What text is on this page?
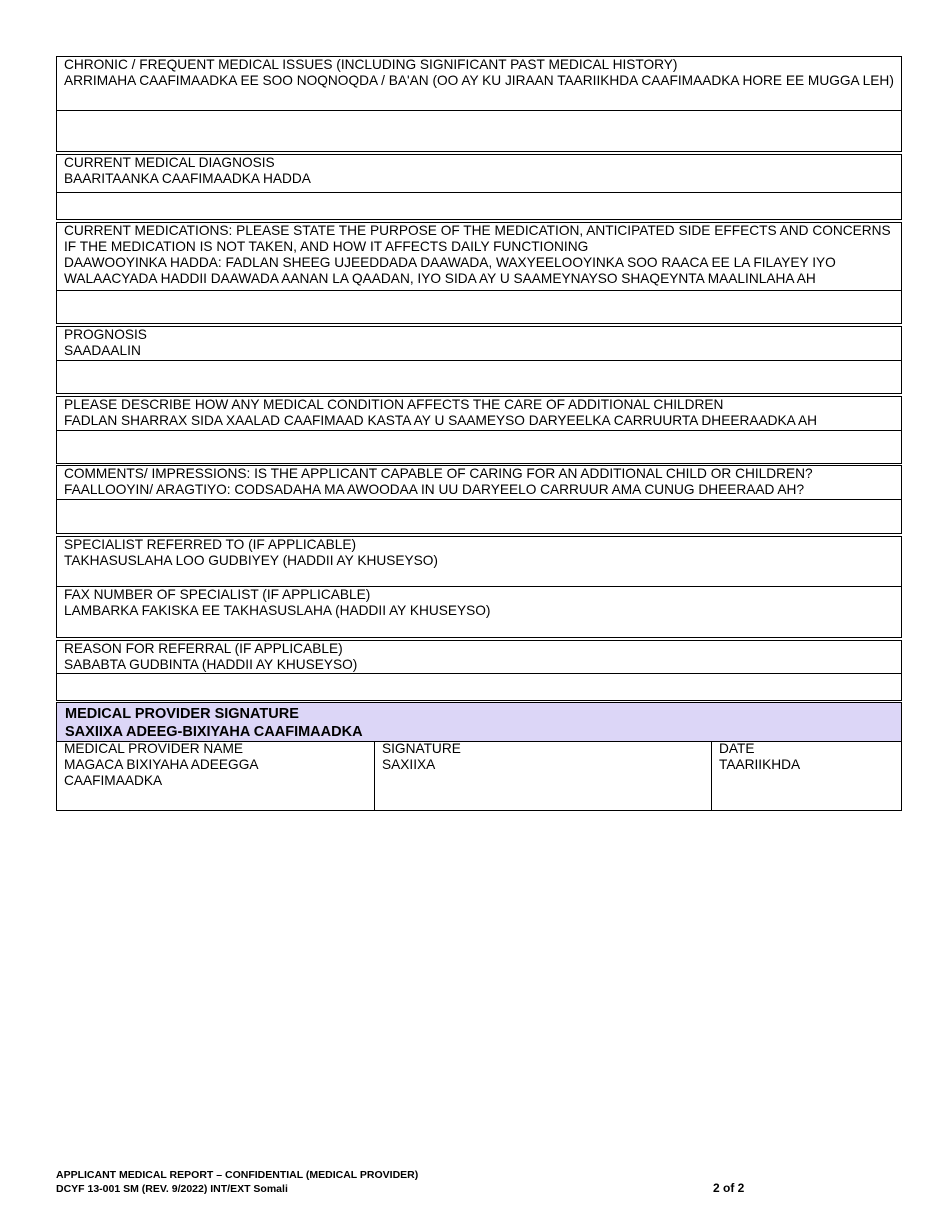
CHRONIC / FREQUENT MEDICAL ISSUES (INCLUDING SIGNIFICANT PAST MEDICAL HISTORY)
ARRIMAHA CAAFIMAADKA EE SOO NOQNOQDA / BA'AN (OO AY KU JIRAAN TAARIIKHDA CAAFIMAADKA HORE EE MUGGA LEH)
CURRENT MEDICAL DIAGNOSIS
BAARITAANKA CAAFIMAADKA HADDA
CURRENT MEDICATIONS: PLEASE STATE THE PURPOSE OF THE MEDICATION, ANTICIPATED SIDE EFFECTS AND CONCERNS IF THE MEDICATION IS NOT TAKEN, AND HOW IT AFFECTS DAILY FUNCTIONING
DAAWOOYINKA HADDA: FADLAN SHEEG UJEEDDADA DAAWADA, WAXYEELOOYINKA SOO RAACA EE LA FILAYEY IYO WALAACYADA HADDII DAAWADA AANAN LA QAADAN, IYO SIDA AY U SAAMEYNAYSO SHAQEYNTA MAALINLAHA AH
PROGNOSIS
SAADAALIN
PLEASE DESCRIBE HOW ANY MEDICAL CONDITION AFFECTS THE CARE OF ADDITIONAL CHILDREN
FADLAN SHARRAX SIDA XAALAD CAAFIMAAD KASTA AY U SAAMEYSO DARYEELKA CARRUURTA DHEERAADKA AH
COMMENTS/ IMPRESSIONS: IS THE APPLICANT CAPABLE OF CARING FOR AN ADDITIONAL CHILD OR CHILDREN?
FAALLOOYIN/ ARAGTIYO: CODSADAHA MA AWOODAA IN UU DARYEELO CARRUUR AMA CUNUG DHEERAAD AH?
SPECIALIST REFERRED TO (IF APPLICABLE)
TAKHASUSLAHA LOO GUDBIYEY (HADDII AY KHUSEYSO)
FAX NUMBER OF SPECIALIST (IF APPLICABLE)
LAMBARKA FAKISKA EE TAKHASUSLAHA (HADDII AY KHUSEYSO)
REASON FOR REFERRAL (IF APPLICABLE)
SABABTA GUDBINTA (HADDII AY KHUSEYSO)
MEDICAL PROVIDER SIGNATURE
SAXIIXA ADEEG-BIXIYAHA CAAFIMAADKA
MEDICAL PROVIDER NAME
MAGACA BIXIYAHA ADEEGGA
CAAFIMAADKA
SIGNATURE
SAXIIXA
DATE
TAARIIKHDA
APPLICANT MEDICAL REPORT – CONFIDENTIAL (MEDICAL PROVIDER)
DCYF 13-001 SM (REV. 9/2022) INT/EXT Somali	2 of 2
